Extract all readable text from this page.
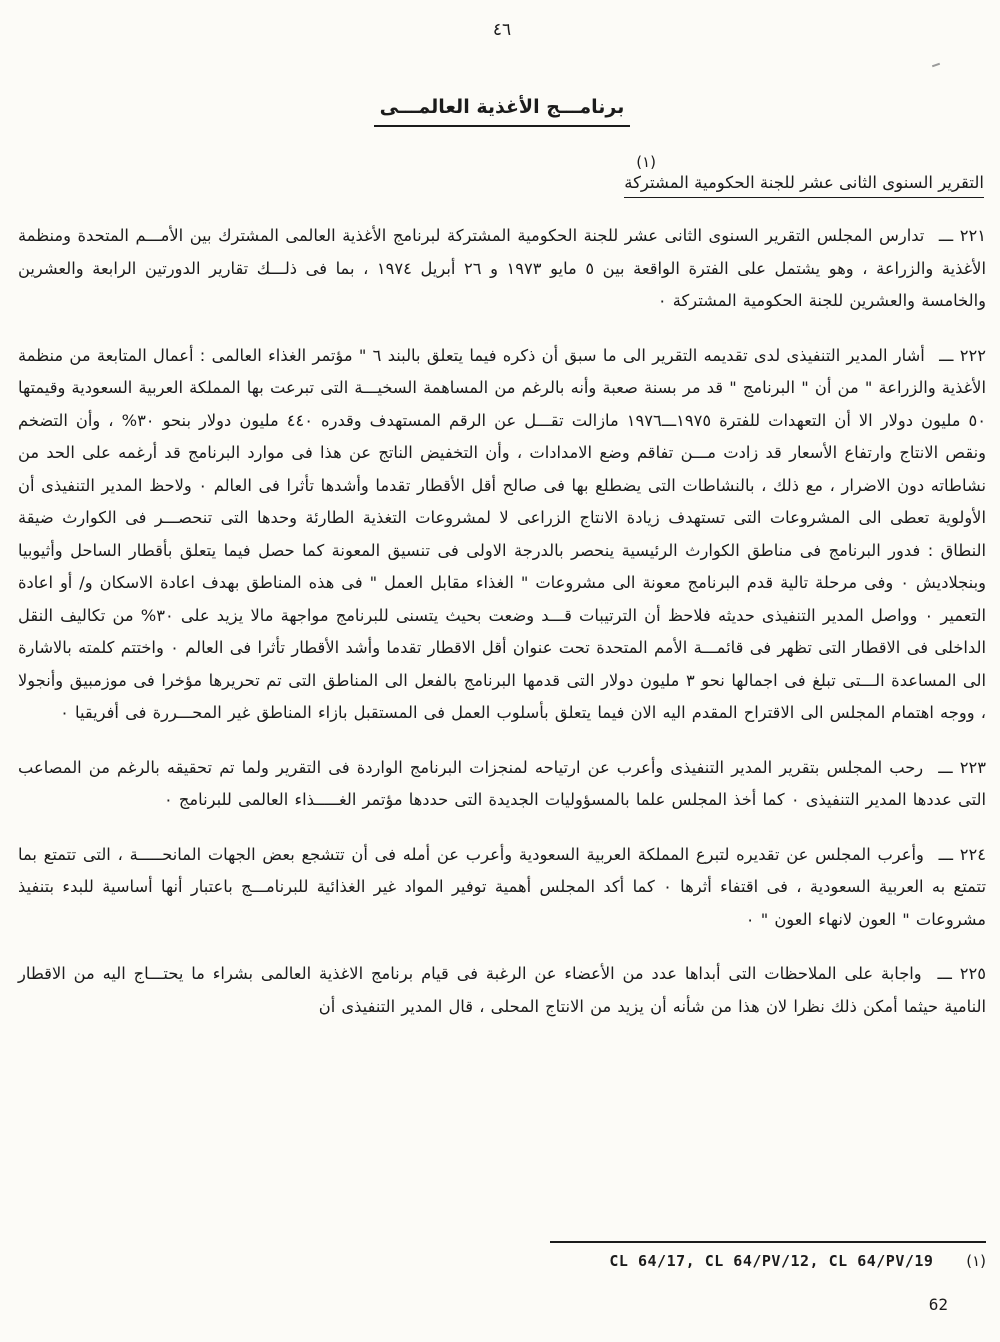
٤٦
برنامـــج الأغذية العالمـــى
(١)
التقرير السنوى الثانى عشر للجنة الحكومية المشتركة

٢٢١ ـــ تدارس المجلس التقرير السنوى الثانى عشر للجنة الحكومية المشتركة لبرنامج الأغذية العالمى المشترك بين الأمـــم المتحدة ومنظمة الأغذية والزراعة ، وهو يشتمل على الفترة الواقعة بين ٥ مايو ١٩٧٣ و ٢٦ أبريل ١٩٧٤ ، بما فى ذلـــك تقارير الدورتين الرابعة والعشرين والخامسة والعشرين للجنة الحكومية المشتركة ٠

٢٢٢ ـــ أشار المدير التنفيذى لدى تقديمه التقرير الى ما سبق أن ذكره فيما يتعلق بالبند ٦ " مؤتمر الغذاء العالمى : أعمال المتابعة من منظمة الأغذية والزراعة " من أن " البرنامج " قد مر بسنة صعبة وأنه بالرغم من المساهمة السخيـــة التى تبرعت بها المملكة العربية السعودية وقيمتها ٥٠ مليون دولار الا أن التعهدات للفترة ١٩٧٥ـــ١٩٧٦ مازالت تقـــل عن الرقم المستهدف وقدره ٤٤٠ مليون دولار بنحو ٣٠% ، وأن التضخم ونقص الانتاج وارتفاع الأسعار قد زادت مـــن تفاقم وضع الامدادات ، وأن التخفيض الناتج عن هذا فى موارد البرنامج قد أرغمه على الحد من نشاطاته دون الاضرار ، مع ذلك ، بالنشاطات التى يضطلع بها فى صالح أقل الأقطار تقدما وأشدها تأثرا فى العالم ٠ ولاحظ المدير التنفيذى أن الأولوية تعطى الى المشروعات التى تستهدف زيادة الانتاج الزراعى لا لمشروعات التغذية الطارئة وحدها التى تنحصـــر فى الكوارث ضيقة النطاق : فدور البرنامج فى مناطق الكوارث الرئيسية ينحصر بالدرجة الاولى فى تنسيق المعونة كما حصل فيما يتعلق بأقطار الساحل وأثيوبيا وبنجلاديش ٠ وفى مرحلة تالية قدم البرنامج معونة الى مشروعات " الغذاء مقابل العمل " فى هذه المناطق بهدف اعادة الاسكان و/ أو اعادة التعمير ٠ وواصل المدير التنفيذى حديثه فلاحظ أن الترتيبات قـــد وضعت بحيث يتسنى للبرنامج مواجهة مالا يزيد على ٣٠% من تكاليف النقل الداخلى فى الاقطار التى تظهر فى قائمـــة الأمم المتحدة تحت عنوان أقل الاقطار تقدما وأشد الأقطار تأثرا فى العالم ٠ واختتم كلمته بالاشارة الى المساعدة الـــتى تبلغ فى اجمالها نحو ٣ مليون دولار التى قدمها البرنامج بالفعل الى المناطق التى تم تحريرها مؤخرا فى موزمبيق وأنجولا ، ووجه اهتمام المجلس الى الاقتراح المقدم اليه الان فيما يتعلق بأسلوب العمل فى المستقبل بازاء المناطق غير المحـــررة فى أفريقيا ٠

٢٢٣ ـــ رحب المجلس بتقرير المدير التنفيذى وأعرب عن ارتياحه لمنجزات البرنامج الواردة فى التقرير ولما تم تحقيقه بالرغم من المصاعب التى عددها المدير التنفيذى ٠ كما أخذ المجلس علما بالمسؤوليات الجديدة التى حددها مؤتمر الغـــــذاء العالمى للبرنامج ٠

٢٢٤ ـــ وأعرب المجلس عن تقديره لتبرع المملكة العربية السعودية وأعرب عن أمله فى أن تتشجع بعض الجهات المانحـــــة ، التى تتمتع بما تتمتع به العربية السعودية ، فى اقتفاء أثرها ٠ كما أكد المجلس أهمية توفير المواد غير الغذائية للبرنامـــج باعتبار أنها أساسية للبدء بتنفيذ مشروعات " العون لانهاء العون " ٠

٢٢٥ ـــ واجابة على الملاحظات التى أبداها عدد من الأعضاء عن الرغبة فى قيام برنامج الاغذية العالمى بشراء ما يحتـــاج اليه من الاقطار النامية حيثما أمكن ذلك نظرا لان هذا من شأنه أن يزيد من الانتاج المحلى ، قال المدير التنفيذى أن

CL 64/17, CL 64/PV/12, CL 64/PV/19 (١)
62
